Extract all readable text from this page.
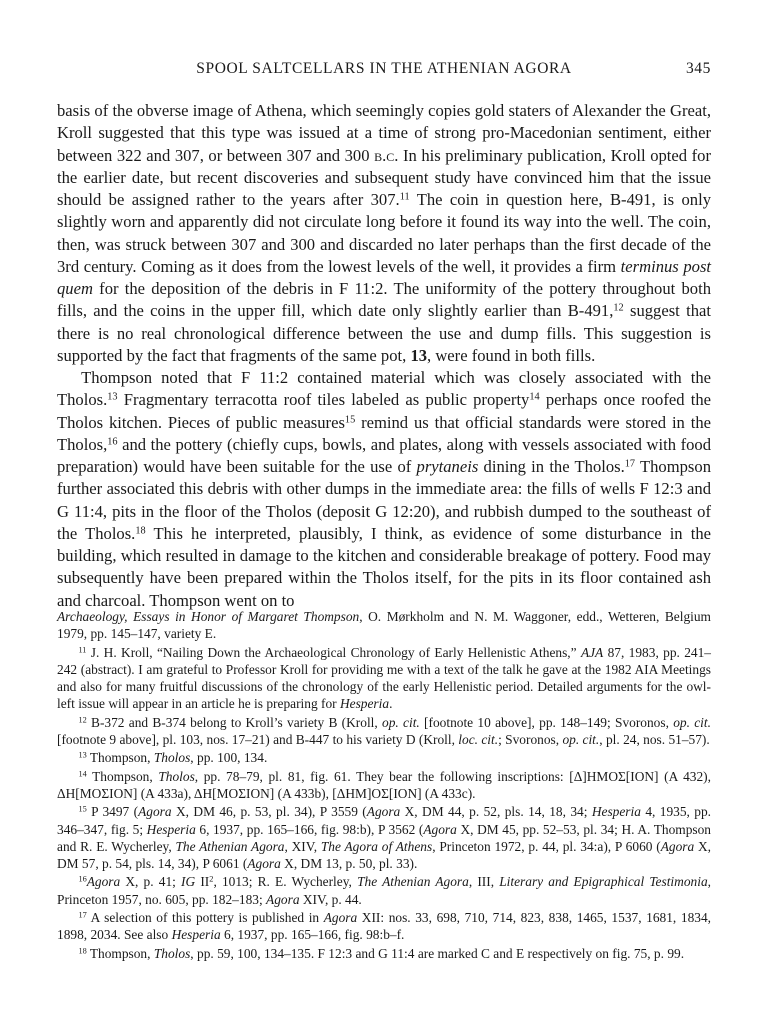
SPOOL SALTCELLARS IN THE ATHENIAN AGORA	345

basis of the obverse image of Athena, which seemingly copies gold staters of Alexander the Great, Kroll suggested that this type was issued at a time of strong pro-Macedonian sentiment, either between 322 and 307, or between 307 and 300 b.c. In his preliminary publication, Kroll opted for the earlier date, but recent discoveries and subsequent study have convinced him that the issue should be assigned rather to the years after 307.11 The coin in question here, B-491, is only slightly worn and apparently did not circulate long before it found its way into the well. The coin, then, was struck between 307 and 300 and discarded no later perhaps than the first decade of the 3rd century. Coming as it does from the lowest levels of the well, it provides a firm terminus post quem for the deposition of the debris in F 11:2. The uniformity of the pottery throughout both fills, and the coins in the upper fill, which date only slightly earlier than B-491,12 suggest that there is no real chronological difference between the use and dump fills. This suggestion is supported by the fact that fragments of the same pot, 13, were found in both fills.

Thompson noted that F 11:2 contained material which was closely associated with the Tholos.$^{13}$ Fragmentary terracotta roof tiles labeled as public property$^{14}$ perhaps once roofed the Tholos kitchen. Pieces of public measures$^{15}$ remind us that official standards were stored in the Tholos,$^{16}$ and the pottery (chiefly cups, bowls, and plates, along with vessels associated with food preparation) would have been suitable for the use of prytaneis dining in the Tholos.$^{17}$ Thompson further associated this debris with other dumps in the immediate area: the fills of wells F 12:3 and G 11:4, pits in the floor of the Tholos (deposit G 12:20), and rubbish dumped to the southeast of the Tholos.$^{18}$ This he interpreted, plausibly, I think, as evidence of some disturbance in the building, which resulted in damage to the kitchen and considerable breakage of pottery. Food may subsequently have been prepared within the Tholos itself, for the pits in its floor contained ash and charcoal. Thompson went on to

Archaeology, Essays in Honor of Margaret Thompson, O. Mørkholm and N. M. Waggoner, edd., Wetteren, Belgium 1979, pp. 145–147, variety E.

$^{11}$ J. H. Kroll, “Nailing Down the Archaeological Chronology of Early Hellenistic Athens,” AJA 87, 1983, pp. 241–242 (abstract). I am grateful to Professor Kroll for providing me with a text of the talk he gave at the 1982 AIA Meetings and also for many fruitful discussions of the chronology of the early Hellenistic period. Detailed arguments for the owl-left issue will appear in an article he is preparing for Hesperia.

$^{12}$ B-372 and B-374 belong to Kroll’s variety B (Kroll, op. cit. [footnote 10 above], pp. 148–149; Svoronos, op. cit. [footnote 9 above], pl. 103, nos. 17–21) and B-447 to his variety D (Kroll, loc. cit.; Svoronos, op. cit., pl. 24, nos. 51–57).

$^{13}$ Thompson, Tholos, pp. 100, 134.

$^{14}$ Thompson, Tholos, pp. 78–79, pl. 81, fig. 61. They bear the following inscriptions: [Δ]ΗΜΟΣ[ΙΟΝ] (A 432), ΔΗ[ΜΟΣΙΟΝ] (A 433a), ΔΗ[ΜΟΣΙΟΝ] (A 433b), [ΔΗΜ]ΟΣ[ΙΟΝ] (A 433c).

$^{15}$ P 3497 (Agora X, DM 46, p. 53, pl. 34), P 3559 (Agora X, DM 44, p. 52, pls. 14, 18, 34; Hesperia 4, 1935, pp. 346–347, fig. 5; Hesperia 6, 1937, pp. 165–166, fig. 98:b), P 3562 (Agora X, DM 45, pp. 52–53, pl. 34; H. A. Thompson and R. E. Wycherley, The Athenian Agora, XIV, The Agora of Athens, Princeton 1972, p. 44, pl. 34:a), P 6060 (Agora X, DM 57, p. 54, pls. 14, 34), P 6061 (Agora X, DM 13, p. 50, pl. 33).

$^{16}$Agora X, p. 41; IG $II^2$, 1013; R. E. Wycherley, The Athenian Agora, III, Literary and Epigraphical Testimonia, Princeton 1957, no. 605, pp. 182–183; Agora XIV, p. 44.

$^{17}$ A selection of this pottery is published in Agora XII: nos. 33, 698, 710, 714, 823, 838, 1465, 1537, 1681, 1834, 1898, 2034. See also Hesperia 6, 1937, pp. 165–166, fig. 98:b–f.

$^{18}$ Thompson, Tholos, pp. 59, 100, 134–135. F 12:3 and G 11:4 are marked C and E respectively on fig. 75, p. 99.
